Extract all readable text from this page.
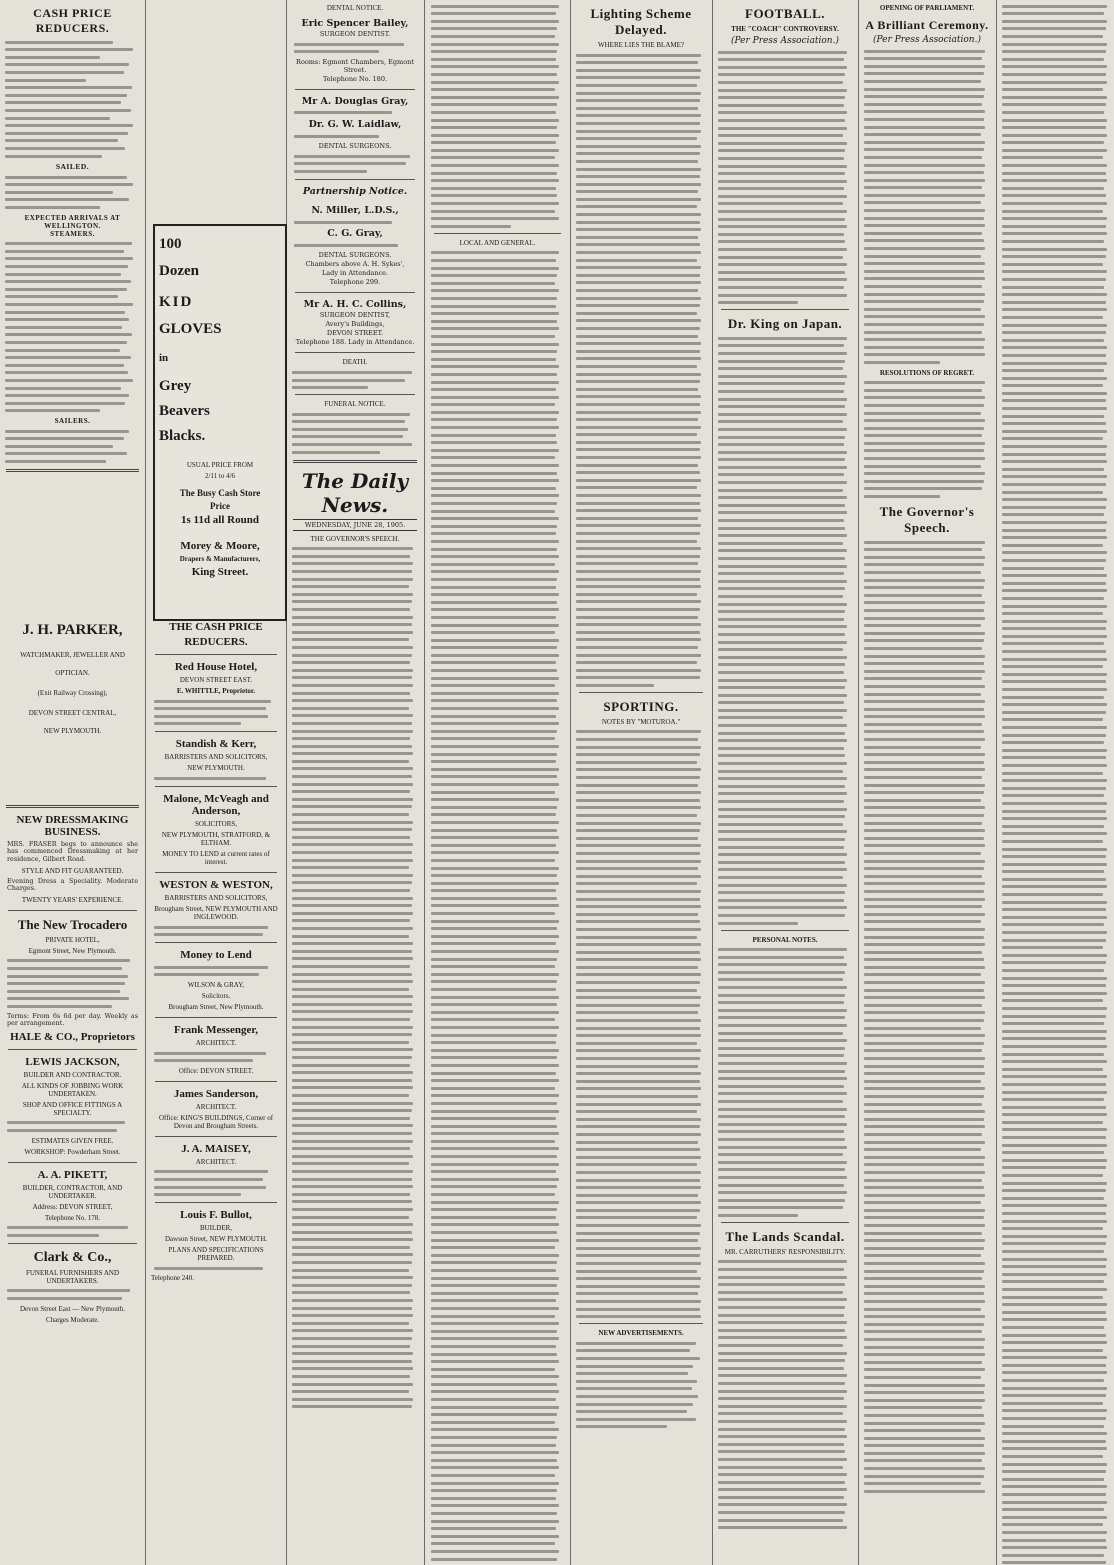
CASH PRICE REDUCERS.
SAILED.
EXPECTED ARRIVALS AT WELLINGTON.
STEAMERS.
SAILERS.
J. H. PARKER,
WATCHMAKER, JEWELLER AND
OPTICIAN.
(Exit Railway Crossing),
DEVON STREET CENTRAL,
NEW PLYMOUTH.
NEW DRESSMAKING BUSINESS.
MRS. FRASER begs to announce she has commenced Dressmaking at her residence, Gilbert Road.
STYLE AND FIT GUARANTEED.
Evening Dress a Speciality. Moderate Charges.
TWENTY YEARS' EXPERIENCE.
The New Trocadero
PRIVATE HOTEL,
Egmont Street, New Plymouth.
Terms: From 6s 6d per day. Weekly as per arrangement.
HALE & CO., Proprietors
LEWIS JACKSON,
BUILDER AND CONTRACTOR.
ALL KINDS OF JOBBING WORK UNDERTAKEN.
SHOP AND OFFICE FITTINGS A SPECIALTY.
ESTIMATES GIVEN FREE.
WORKSHOP: Powderham Street.
A. A. PIKETT,
BUILDER, CONTRACTOR, AND UNDERTAKER.
Address: DEVON STREET,
Telephone No. 178.
Clark & Co.,
FUNERAL FURNISHERS AND UNDERTAKERS.
Devon Street East — New Plymouth.
Charges Moderate.
100
Dozen
KID
GLOVES
in
Grey
Beavers
Blacks.
USUAL PRICE FROM
2/11 to 4/6
The Busy Cash Store
Price
1s 11d all Round
Morey & Moore,
Drapers & Manufacturers,
King Street.
DENTAL NOTICE.
Eric Spencer Bailey,
SURGEON DENTIST.
Rooms: Egmont Chambers, Egmont Street.
Telephone No. 180.
Mr A. Douglas Gray,
Dr. G. W. Laidlaw,
DENTAL SURGEONS.
Partnership Notice.
N. Miller, L.D.S.,
C. G. Gray,
DENTAL SURGEONS.
Chambers above A. H. Sykes',
Lady in Attendance.
Telephone 299.
Mr A. H. C. Collins,
SURGEON DENTIST,
Avery's Buildings,
DEVON STREET.
Telephone 188. Lady in Attendance.
DEATH.
FUNERAL NOTICE.
The Daily News.
WEDNESDAY, JUNE 28, 1905.
THE GOVERNOR'S SPEECH.
THE CASH PRICE
REDUCERS.
Red House Hotel,
DEVON STREET EAST.
E. WHITTLE, Proprietor.
Standish & Kerr,
BARRISTERS AND SOLICITORS,
NEW PLYMOUTH.
Malone, McVeagh and Anderson,
SOLICITORS,
NEW PLYMOUTH, STRATFORD, & ELTHAM.
MONEY TO LEND at current rates of interest.
WESTON & WESTON,
BARRISTERS AND SOLICITORS,
Brougham Street, NEW PLYMOUTH AND INGLEWOOD.
Money to Lend
WILSON & GRAY,
Solicitors.
Brougham Street, New Plymouth.
Frank Messenger,
ARCHITECT.
Office: DEVON STREET.
James Sanderson,
ARCHITECT.
Office: KING'S BUILDINGS, Corner of Devon and Brougham Streets.
J. A. MAISEY,
ARCHITECT.
Louis F. Bullot,
BUILDER,
Dawson Street, NEW PLYMOUTH.
PLANS AND SPECIFICATIONS PREPARED.
Telephone 240.
LOCAL AND GENERAL.
Lighting Scheme Delayed.
WHERE LIES THE BLAME?
SPORTING.
NOTES BY "MOTUROA."
NEW ADVERTISEMENTS.
FOOTBALL.
THE "COACH" CONTROVERSY.
(Per Press Association.)
Dr. King on Japan.
PERSONAL NOTES.
The Lands Scandal.
MR. CARRUTHERS' RESPONSIBILITY.
OPENING OF PARLIAMENT.
A Brilliant Ceremony.
(Per Press Association.)
RESOLUTIONS OF REGRET.
The Governor's Speech.
